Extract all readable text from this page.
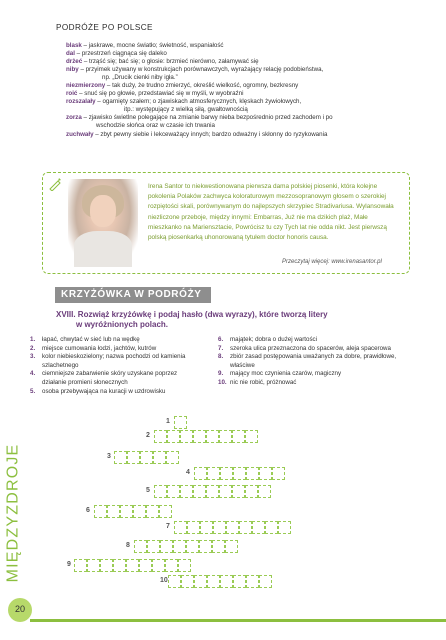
PODRÓŻE PO POLSCE
blask – jaskrawe, mocne światło; świetność, wspaniałość
dal – przestrzeń ciągnąca się daleko
drżeć – trząść się; bać się; o głosie: brzmieć nierówno, załamywać się
niby – przyimek używany w konstrukcjach porównawczych, wyrażający relację podobieństwa,
np. „Drucik cienki niby igła.”
niezmierzony – tak duży, że trudno zmierzyć, określić wielkość, ogromny, bezkresny
roić – snuć się po głowie, przedstawiać się w myśli, w wyobraźni
rozszalały – ogarnięty szałem; o zjawiskach atmosferycznych, klęskach żywiołowych,
itp.: występujący z wielką siłą, gwałtownością
zorza – zjawisko świetlne polegające na zmianie barwy nieba bezpośrednio przed zachodem i po
wschodzie słońca oraz w czasie ich trwania
zuchwały – zbyt pewny siebie i lekceważący innych; bardzo odważny i skłonny do ryzykowania

Irena Santor to niekwestionowana pierwsza dama polskiej piosenki, która kolejne pokolenia Polaków zachwyca koloraturowym mezzosopranowym głosem o szerokiej rozpiętości skali, porównywanym do najlepszych skrzypiec Stradivariusa. Wylansowała niezliczone przeboje, między innymi: Embarras, Już nie ma dzikich plaż, Małe mieszkanko na Mariensztacie, Powrócisz tu czy Tych lat nie odda nikt. Jest pierwszą polską piosenkarką uhonorowaną tytułem doctor honoris causa.

Przeczytaj więcej: www.irenasantor.pl
KRZYŻÓWKA W PODRÓŻY
XVIII. Rozwiąż krzyżówkę i podaj hasło (dwa wyrazy), które tworzą litery
w wyróżnionych polach.
1.	łapać, chwytać w sieć lub na wędkę
2.	miejsce cumowania łodzi, jachtów, kutrów
3.	kolor niebieskozielony; nazwa pochodzi od kamienia szlachetnego
4.	ciemniejsze zabarwienie skóry uzyskane poprzez działanie promieni słonecznych
5.	osoba przebywająca na kuracji w uzdrowisku
6.	majątek; dobra o dużej wartości
7.	szeroka ulica przeznaczona do spacerów, aleja spacerowa
8.	zbiór zasad postępowania uważanych za dobre, prawidłowe, właściwe
9.	mający moc czynienia czarów, magiczny
10. nic nie robić, próżnować
1
2
3
4
5
6
7
8
9
10
MIĘDZYZDROJE
20
